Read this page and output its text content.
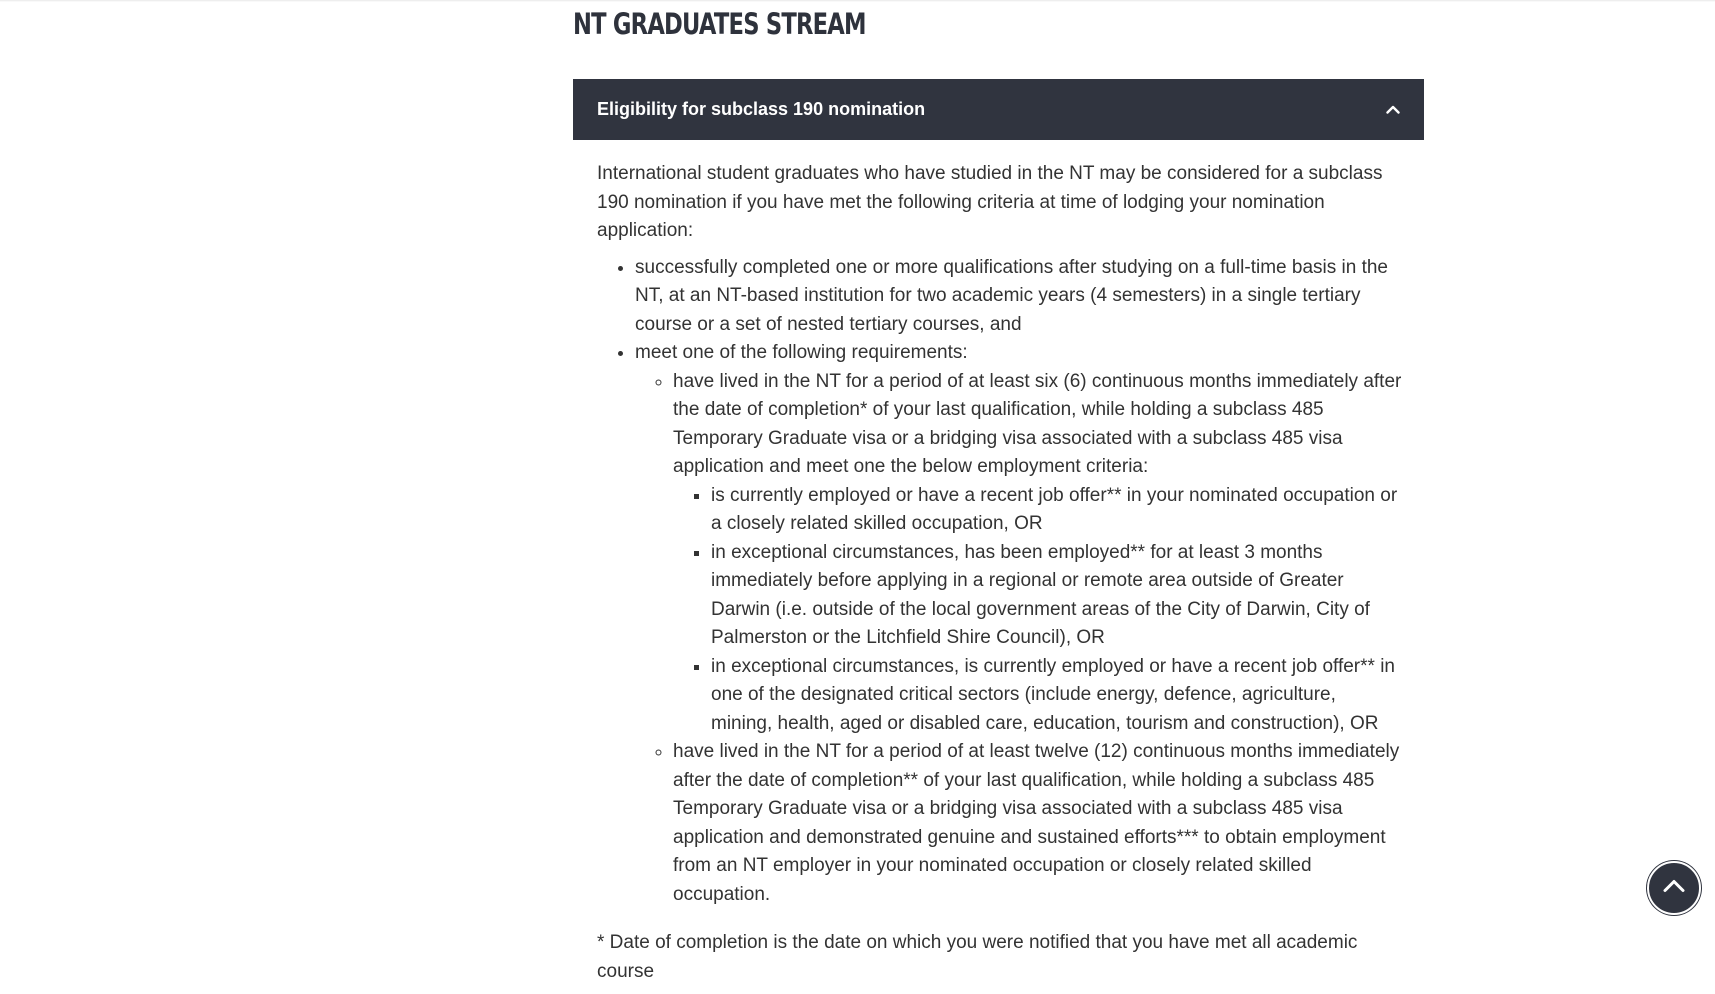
NT GRADUATES STREAM
Eligibility for subclass 190 nomination

International student graduates who have studied in the NT may be considered for a subclass 190 nomination if you have met the following criteria at time of lodging your nomination application:

• successfully completed one or more qualifications after studying on a full-time basis in the NT, at an NT-based institution for two academic years (4 semesters) in a single tertiary course or a set of nested tertiary courses, and
• meet one of the following requirements:
◦ have lived in the NT for a period of at least six (6) continuous months immediately after the date of completion* of your last qualification, while holding a subclass 485 Temporary Graduate visa or a bridging visa associated with a subclass 485 visa application and meet one the below employment criteria:
▪ is currently employed or have a recent job offer** in your nominated occupation or a closely related skilled occupation, OR
▪ in exceptional circumstances, has been employed** for at least 3 months immediately before applying in a regional or remote area outside of Greater Darwin (i.e. outside of the local government areas of the City of Darwin, City of Palmerston or the Litchfield Shire Council), OR
▪ in exceptional circumstances, is currently employed or have a recent job offer** in one of the designated critical sectors (include energy, defence, agriculture, mining, health, aged or disabled care, education, tourism and construction), OR
◦ have lived in the NT for a period of at least twelve (12) continuous months immediately after the date of completion** of your last qualification, while holding a subclass 485 Temporary Graduate visa or a bridging visa associated with a subclass 485 visa application and demonstrated genuine and sustained efforts*** to obtain employment from an NT employer in your nominated occupation or closely related skilled occupation.

* Date of completion is the date on which you were notified that you have met all academic course
